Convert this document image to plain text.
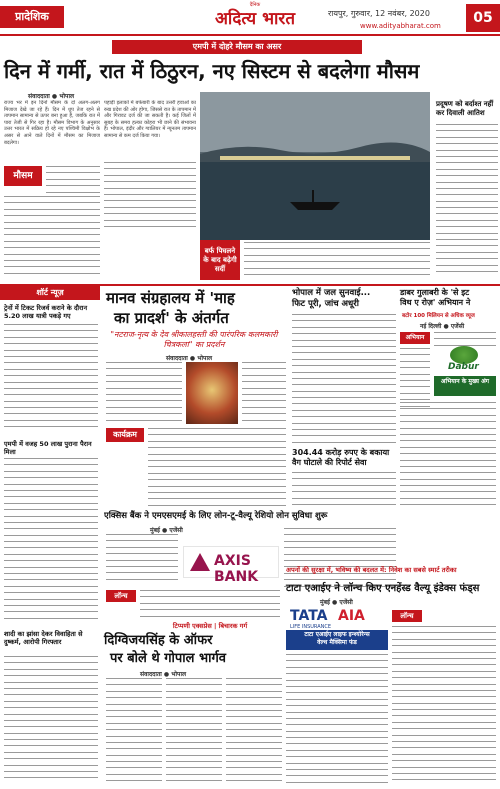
प्रादेशिक
दैनिक
अदित्य भारत	रायपुर, गुरुवार, 12 नवंबर, 2020
www.adityabharat.com	05
एमपी में दोहरे मौसम का असर
दिन में गर्मी, रात में ठिठुरन, नए सिस्टम से बदलेगा मौसम
संवाददाता ● भोपाल
राज्य भर में इन दिनों मौसम के दो अलग-अलग मिजाज देखे जा रहे हैं। दिन में धूप तेज रहने से तापमान सामान्य से ऊपर बना हुआ है, जबकि रात में पारा तेजी से गिर रहा है। मौसम विभाग के अनुसार उत्तर भारत में सक्रिय हो रहे नए पश्चिमी विक्षोभ के असर से आने वाले दिनों में मौसम का मिजाज बदलेगा।
मौसम
पहाड़ी इलाकों में बर्फबारी के बाद उत्तरी हवाओं का रुख प्रदेश की ओर होगा, जिससे रात के तापमान में और गिरावट दर्ज की जा सकती है। कई जिलों में सुबह के समय हल्का कोहरा भी छाने की संभावना है। भोपाल, इंदौर और ग्वालियर में न्यूनतम तापमान सामान्य से कम दर्ज किया गया।
बर्फ पिघलने के बाद बढ़ेगी सर्दी
प्रदूषण को बर्दाश्त नहीं कर दिवाली आतिश
शॉर्ट न्यूज़
ट्रेनों में टिकट रिजर्व कराने के दौरान 5.20 लाख यात्री पकड़े गए
एमपी में वजह 50 लाख पुराना पैरान मिला
शादी का झांसा देकर विवाहिता से दुष्कर्म, आरोपी गिरफ्तार
मानव संग्रहालय में 'माह
का प्रादर्श' के अंतर्गत
"नटराज-नृत्य के देव श्रीकालहस्ती की पारंपरिक कलमकारी चित्रकला" का प्रदर्शन
संवाददाता ● भोपाल
कार्यक्रम
भोपाल में जल सुनवाई...
फिट पूरी, जांच अधूरी
304.44 करोड़ रुपए के बकाया
वैग घोटाले की रिपोर्ट सेवा
डाबर गुलाबरी के 'से इट
विथ ए रोज़' अभियान ने
बटोर 100 मिलियन से अधिक व्यूज
नई दिल्ली ● एजेंसी
अभियान
Dabur
अभियान के मुख्य अंग
एक्सिस बैंक ने एमएसएमई के लिए लोन-टू-वैल्यू रेशियो लोन सुविधा शुरू
मुंबई ● एजेंसी
AXIS BANK
लॉन्च
टिप्पणी एक्सप्रेस | बिचारक गर्ग
दिग्विजयसिंह के ऑफर
पर बोले थे गोपाल भार्गव
संवाददाता ● भोपाल
अपनों की सुरक्षा में, भविष्य की बदलत में: निवेश का सबसे स्मार्ट तरीका
टाटा एआईए ने लॉन्च किए एनहेंस्ड वैल्यू इंडेक्स फंड्स
मुंबई ● एजेंसी
TATA AIA
LIFE INSURANCE
टाटा एआईए लाइफ इन्श्योरेन्स
वेल्थ मैक्सिमा फंड
लॉन्च
